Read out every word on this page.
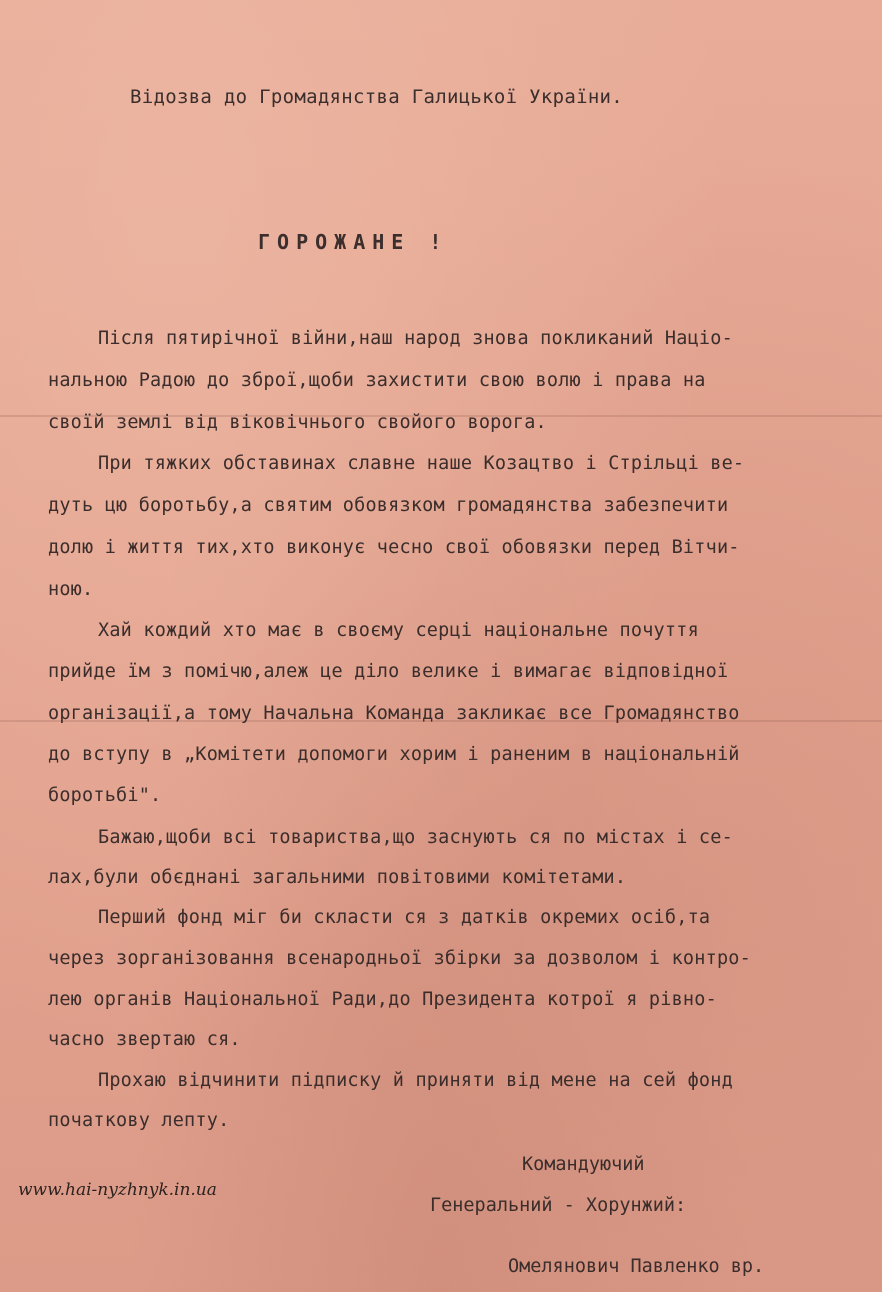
Відозва до Громадянства Галицької України.
ГОРОЖАНЕ !
Після пятирічної війни,наш народ знова покликаний Націо-
нальною Радою до зброї,щоби захистити свою волю і права на
своїй землі від віковічнього свойого ворога.
При тяжких обставинах славне наше Козацтво і Стрільці ве-
дуть цю боротьбу,а святим обовязком громадянства забезпечити
долю і життя тих,хто виконує чесно свої обовязки перед Вітчи-
ною.
Хай кождий хто має в своєму серці національне почуття
прийде їм з помічю,алеж це діло велике і вимагає відповідної
організації,а тому Начальна Команда закликає все Громадянство
до вступу в „Комітети допомоги хорим і раненим в національній
боротьбі".
Бажаю,щоби всі товариства,що заснують ся по містах і се-
лах,були обєднані загальними повітовими комітетами.
Перший фонд міг би скласти ся з датків окремих осіб,та
через зорганізовання всенародньої збірки за дозволом і контро-
лею органів Національної Ради,до Президента котрої я рівно-
часно звертаю ся.
Прохаю відчинити підписку й приняти від мене на сей фонд
початкову лепту.
Командуючий
Генеральний - Хорунжий:
Омелянович Павленко вр.
www.hai-nyzhnyk.in.ua
